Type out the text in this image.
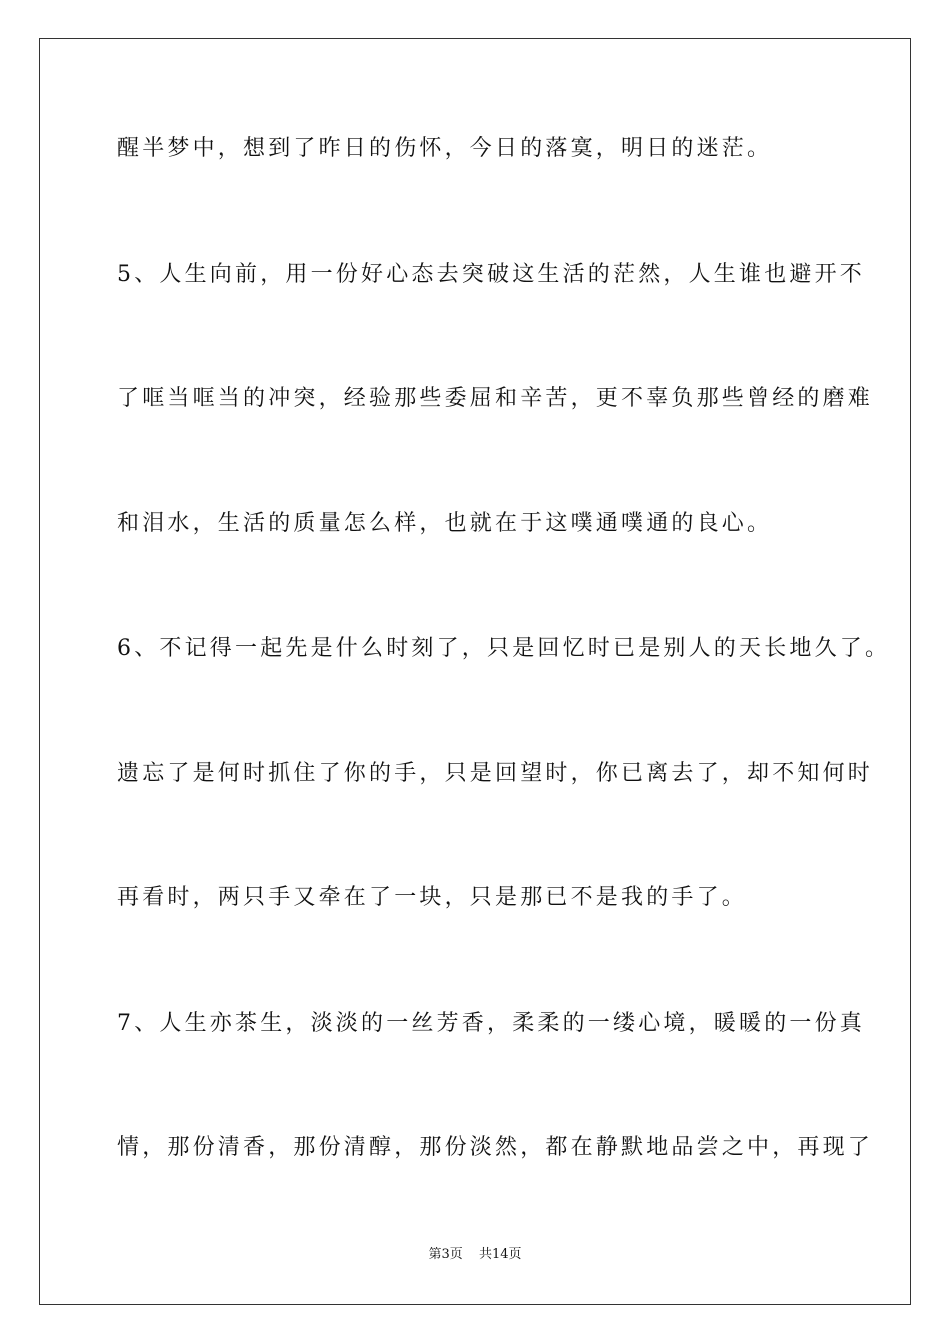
醒半梦中，想到了昨日的伤怀，今日的落寞，明日的迷茫。
5、人生向前，用一份好心态去突破这生活的茫然，人生谁也避开不
了哐当哐当的冲突，经验那些委屈和辛苦，更不辜负那些曾经的磨难
和泪水，生活的质量怎么样，也就在于这噗通噗通的良心。
6、不记得一起先是什么时刻了，只是回忆时已是别人的天长地久了。
遗忘了是何时抓住了你的手，只是回望时，你已离去了，却不知何时
再看时，两只手又牵在了一块，只是那已不是我的手了。
7、人生亦茶生，淡淡的一丝芳香，柔柔的一缕心境，暖暖的一份真
情，那份清香，那份清醇，那份淡然，都在静默地品尝之中，再现了
第3页 共14页
